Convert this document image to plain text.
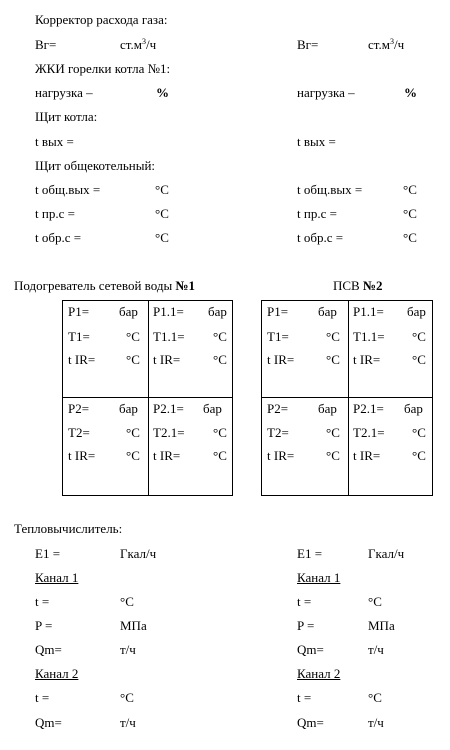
Корректор расхода газа:
Вг=	$ст.м^3/ч$	Вг=	$ст.м^3/ч$
ЖКИ горелки котла №1:
нагрузка –	%	нагрузка –	%
Щит котла:
t вых =	t вых =
Щит общекотельный:
t общ.вых =	°С	t общ.вых =	°С
t пр.с =	°С	t пр.с =	°С
t обр.с =	°С	t обр.с =	°С
Подогреватель сетевой воды №1	ПСВ №2
P1= бар
T1=	°С
t IR= °С
P1.1= бар
T1.1= °С
t IR=	°С
P2= бар
T2=	°С
t IR= °С
P2.1= бар
T2.1= °С
t IR=	°С
P1= бар
T1=	°С
t IR= °С
P1.1= бар
T1.1= °С
t IR= °С
P2= бар
T2=	°С
t IR= °С
P2.1= бар
T2.1= °С
t IR= °С
Тепловычислитель:
E1 =	Гкал/ч	E1 =	Гкал/ч
Канал 1	Канал 1
t =	°С	t =	°С
P =	МПа	P =	МПа
Qm=	т/ч	Qm=	т/ч
Канал 2	Канал 2
t =	°С	t =	°С
Qm=	т/ч	Qm=	т/ч
